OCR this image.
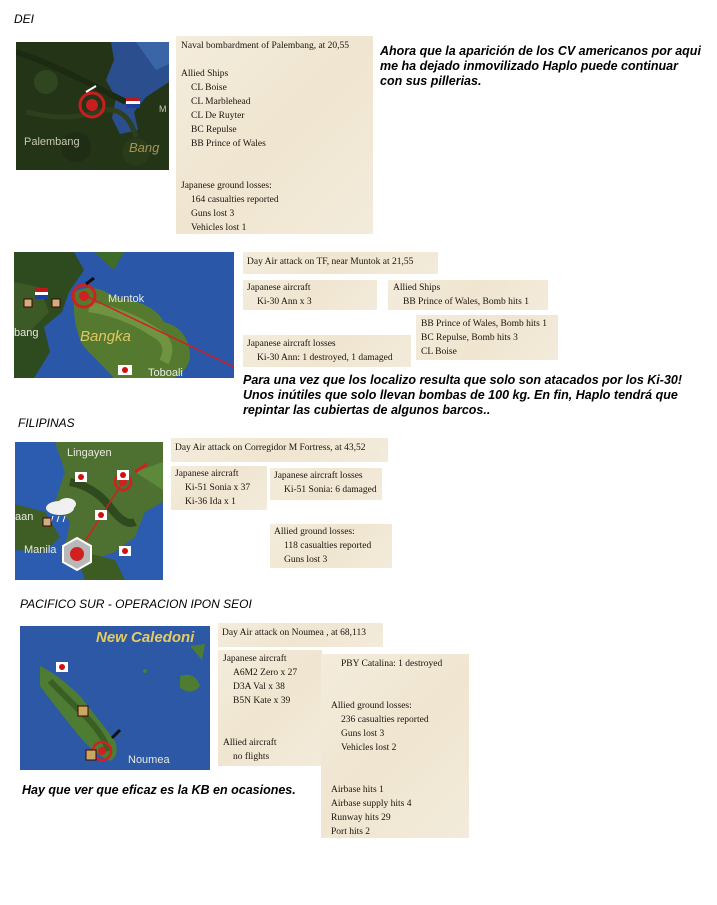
DEI
Palembang	Bang
M
Naval bombardment of Palembang, at 20,55
Allied Ships
CL Boise
CL Marblehead
CL De Ruyter
BC Repulse
BB Prince of Wales
Japanese ground losses:
164 casualties reported
Guns lost 3
Vehicles lost 1
Ahora que la aparición de los CV americanos por aqui
me ha dejado inmovilizado Haplo puede continuar
con sus pillerias.
Muntok
Bangka
Toboali
bang
Day Air attack on TF, near Muntok at 21,55
Japanese aircraft
Ki-30 Ann x 3
Allied Ships
BB Prince of Wales, Bomb hits 1
Japanese aircraft losses
Ki-30 Ann: 1 destroyed, 1 damaged
BB Prince of Wales, Bomb hits 1
BC Repulse, Bomb hits 3
CL Boise
Para una vez que los localizo resulta que solo son atacados por los Ki-30!
Unos inútiles que solo llevan bombas de 100 kg. En fin, Haplo tendrá que
repintar las cubiertas de algunos barcos..
FILIPINAS
Lingayen
Manila
aan
Day Air attack on Corregidor M Fortress, at 43,52
Japanese aircraft
Ki-51 Sonia x 37
Ki-36 Ida x 1
Japanese aircraft losses
Ki-51 Sonia: 6 damaged
Allied ground losses:
118 casualties reported
Guns lost 3
PACIFICO SUR - OPERACION IPON SEOI
New Caledoni
Noumea
Day Air attack on Noumea , at 68,113
Japanese aircraft
A6M2 Zero x 27
D3A Val x 38
B5N Kate x 39
Allied aircraft
no flights
PBY Catalina: 1 destroyed
Allied ground losses:
236 casualties reported
Guns lost 3
Vehicles lost 2
Airbase hits 1
Airbase supply hits 4
Runway hits 29
Port hits 2
Hay que ver que eficaz es la KB en ocasiones.
